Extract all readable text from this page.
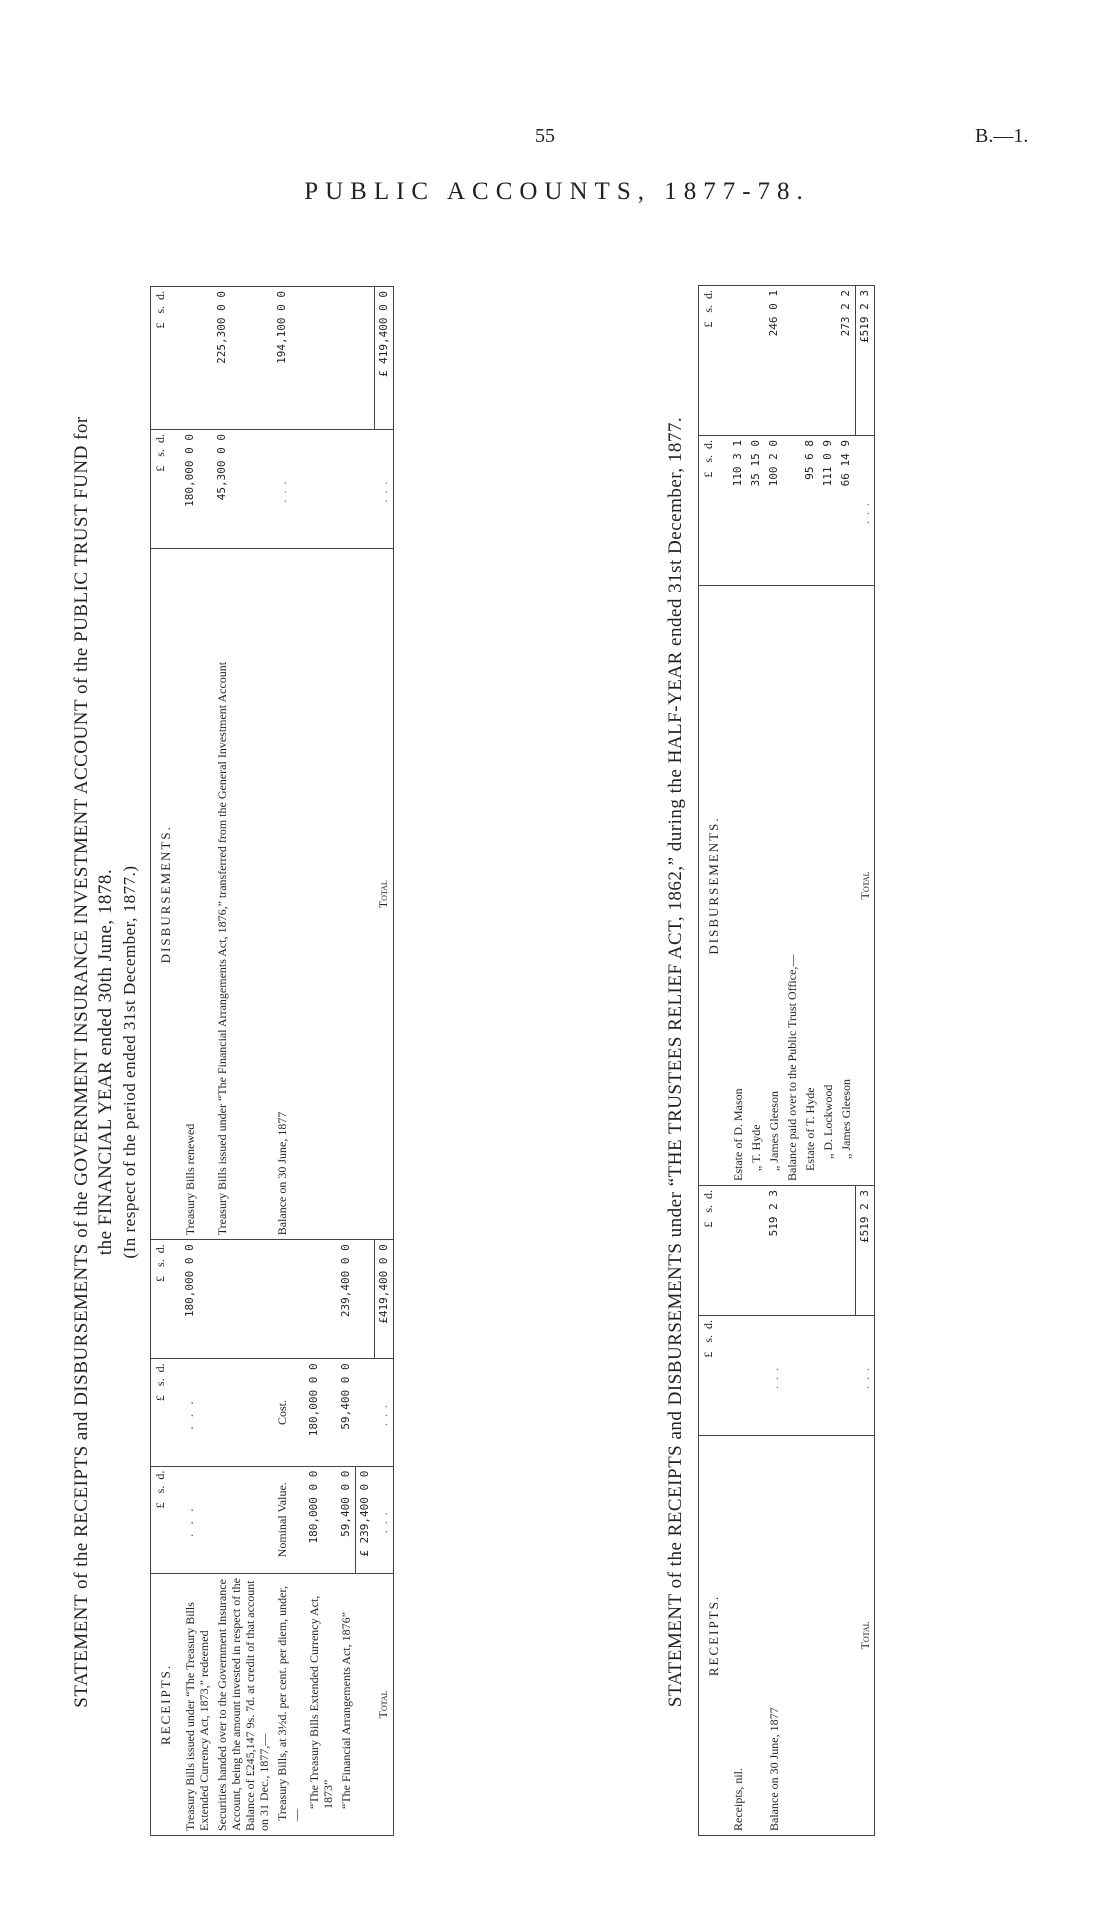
55	B.—1.
PUBLIC ACCOUNTS, 1877-78.
STATEMENT of the RECEIPTS and DISBURSEMENTS of the GOVERNMENT INSURANCE INVESTMENT ACCOUNT of the PUBLIC TRUST FUND for the FINANCIAL YEAR ended 30th June, 1878. (In respect of the period ended 31st December, 1877.)
RECEIPTS.	£   s.  d.	£   s.  d.	£   s.  d.	DISBURSEMENTS.	£   s.  d.	£   s.  d.
Treasury Bills issued under “The Treasury Bills Extended Currency Act, 1873,” redeemed	...	...	180,000 0 0	Treasury Bills renewed	180,000 0 0	
Securities handed over to the Government Insurance Account, being the amount invested in respect of the Balance of £245,147 9s. 7d. at credit of that account on 31 Dec., 1877,—				Treasury Bills issued under “The Financial Arrangements Act, 1876,” transferred from the General Investment Account	45,300 0 0	225,300 0 0
Treasury Bills, at 3½d. per cent. per diem, under,—	Nominal Value.	Cost.		Balance on 30 June, 1877	...	194,100 0 0
“The Treasury Bills Extended Currency Act, 1873”	180,000 0 0	180,000 0 0				
“The Financial Arrangements Act, 1876”	59,400 0 0	59,400 0 0	239,400 0 0			
	£ 239,400 0 0					
Total	...	...	£419,400 0 0	Total	...	£ 419,400 0 0
STATEMENT of the RECEIPTS and DISBURSEMENTS under “THE TRUSTEES RELIEF ACT, 1862,” during the HALF-YEAR ended 31st December, 1877. RECEIPTS.	£   s.  d.	£   s.  d.	DISBURSEMENTS.	£   s.  d.	£   s.  d.
Receipts, nil.			Estate of D. Mason	110 3 1	
			„ T. Hyde	35 15 0	
Balance on 30 June, 1877	...	519 2 3	„ James Gleeson	100 2 0	246 0 1
			Balance paid over to the Public Trust Office,—		
			Estate of T. Hyde	95 6 8	
			„ D. Lockwood	111 0 9	
			„ James Gleeson	66 14 9	273 2 2
Total	...	£519 2 3	Total	...	£519 2 3
